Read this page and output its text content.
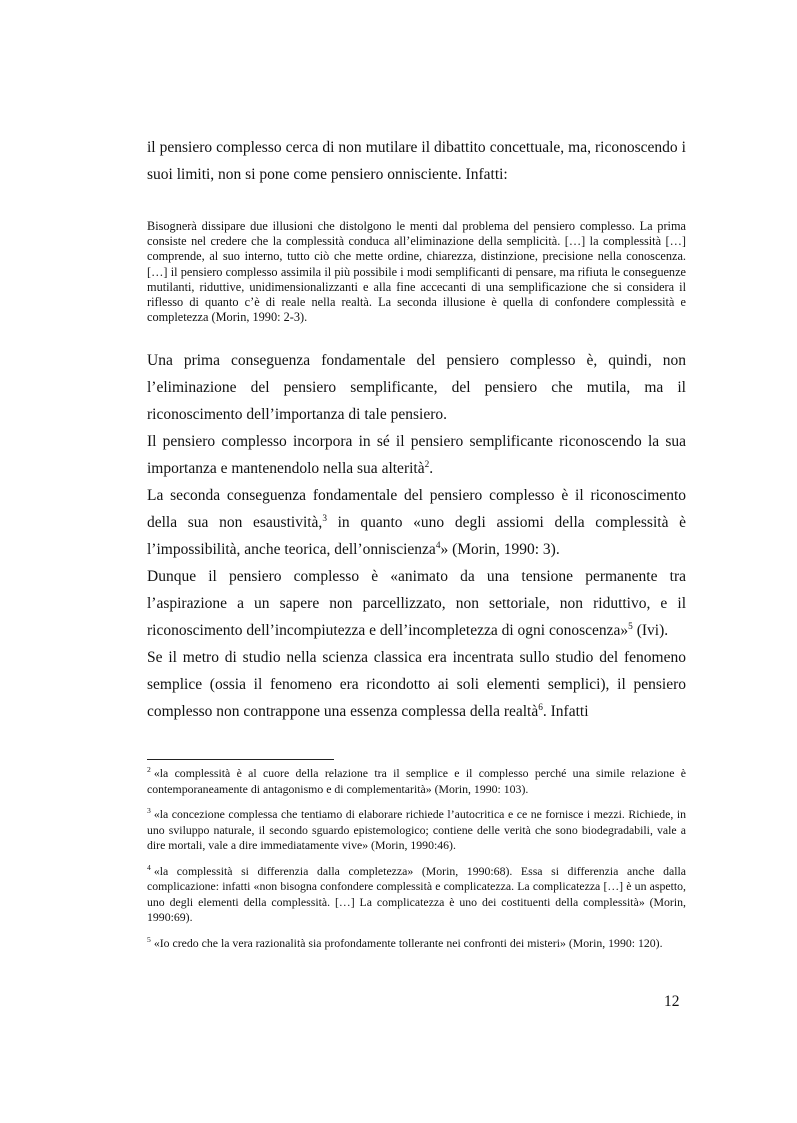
il pensiero complesso cerca di non mutilare il dibattito concettuale, ma, riconoscendo i suoi limiti, non si pone come pensiero onnisciente. Infatti:

Bisognerà dissipare due illusioni che distolgono le menti dal problema del pensiero complesso. La prima consiste nel credere che la complessità conduca all’eliminazione della semplicità. […] la complessità […] comprende, al suo interno, tutto ciò che mette ordine, chiarezza, distinzione, precisione nella conoscenza. […] il pensiero complesso assimila il più possibile i modi semplificanti di pensare, ma rifiuta le conseguenze mutilanti, riduttive, unidimensionalizzanti e alla fine accecanti di una semplificazione che si considera il riflesso di quanto c’è di reale nella realtà. La seconda illusione è quella di confondere complessità e completezza (Morin, 1990: 2-3).

Una prima conseguenza fondamentale del pensiero complesso è, quindi, non l’eliminazione del pensiero semplificante, del pensiero che mutila, ma il riconoscimento dell’importanza di tale pensiero.

Il pensiero complesso incorpora in sé il pensiero semplificante riconoscendo la sua importanza e mantenendolo nella sua alterità$^2$.

La seconda conseguenza fondamentale del pensiero complesso è il riconoscimento della sua non esaustività,$^3$ in quanto «uno degli assiomi della complessità è l’impossibilità, anche teorica, dell’onniscienza$^4$» (Morin, 1990: 3).

Dunque il pensiero complesso è «animato da una tensione permanente tra l’aspirazione a un sapere non parcellizzato, non settoriale, non riduttivo, e il riconoscimento dell’incompiutezza e dell’incompletezza di ogni conoscenza»$^5$ (Ivi).

Se il metro di studio nella scienza classica era incentrata sullo studio del fenomeno semplice (ossia il fenomeno era ricondotto ai soli elementi semplici), il pensiero complesso non contrappone una essenza complessa della realtà$^6$. Infatti

$^2$ «la complessità è al cuore della relazione tra il semplice e il complesso perché una simile relazione è contemporaneamente di antagonismo e di complementarità» (Morin, 1990: 103).

$^3$ «la concezione complessa che tentiamo di elaborare richiede l’autocritica e ce ne fornisce i mezzi. Richiede, in uno sviluppo naturale, il secondo sguardo epistemologico; contiene delle verità che sono biodegradabili, vale a dire mortali, vale a dire immediatamente vive» (Morin, 1990:46).

$^4$ «la complessità si differenzia dalla completezza» (Morin, 1990:68). Essa si differenzia anche dalla complicazione: infatti «non bisogna confondere complessità e complicatezza. La complicatezza […] è un aspetto, uno degli elementi della complessità. […] La complicatezza è uno dei costituenti della complessità» (Morin, 1990:69).

$^5$ «Io credo che la vera razionalità sia profondamente tollerante nei confronti dei misteri» (Morin, 1990: 120).

12
